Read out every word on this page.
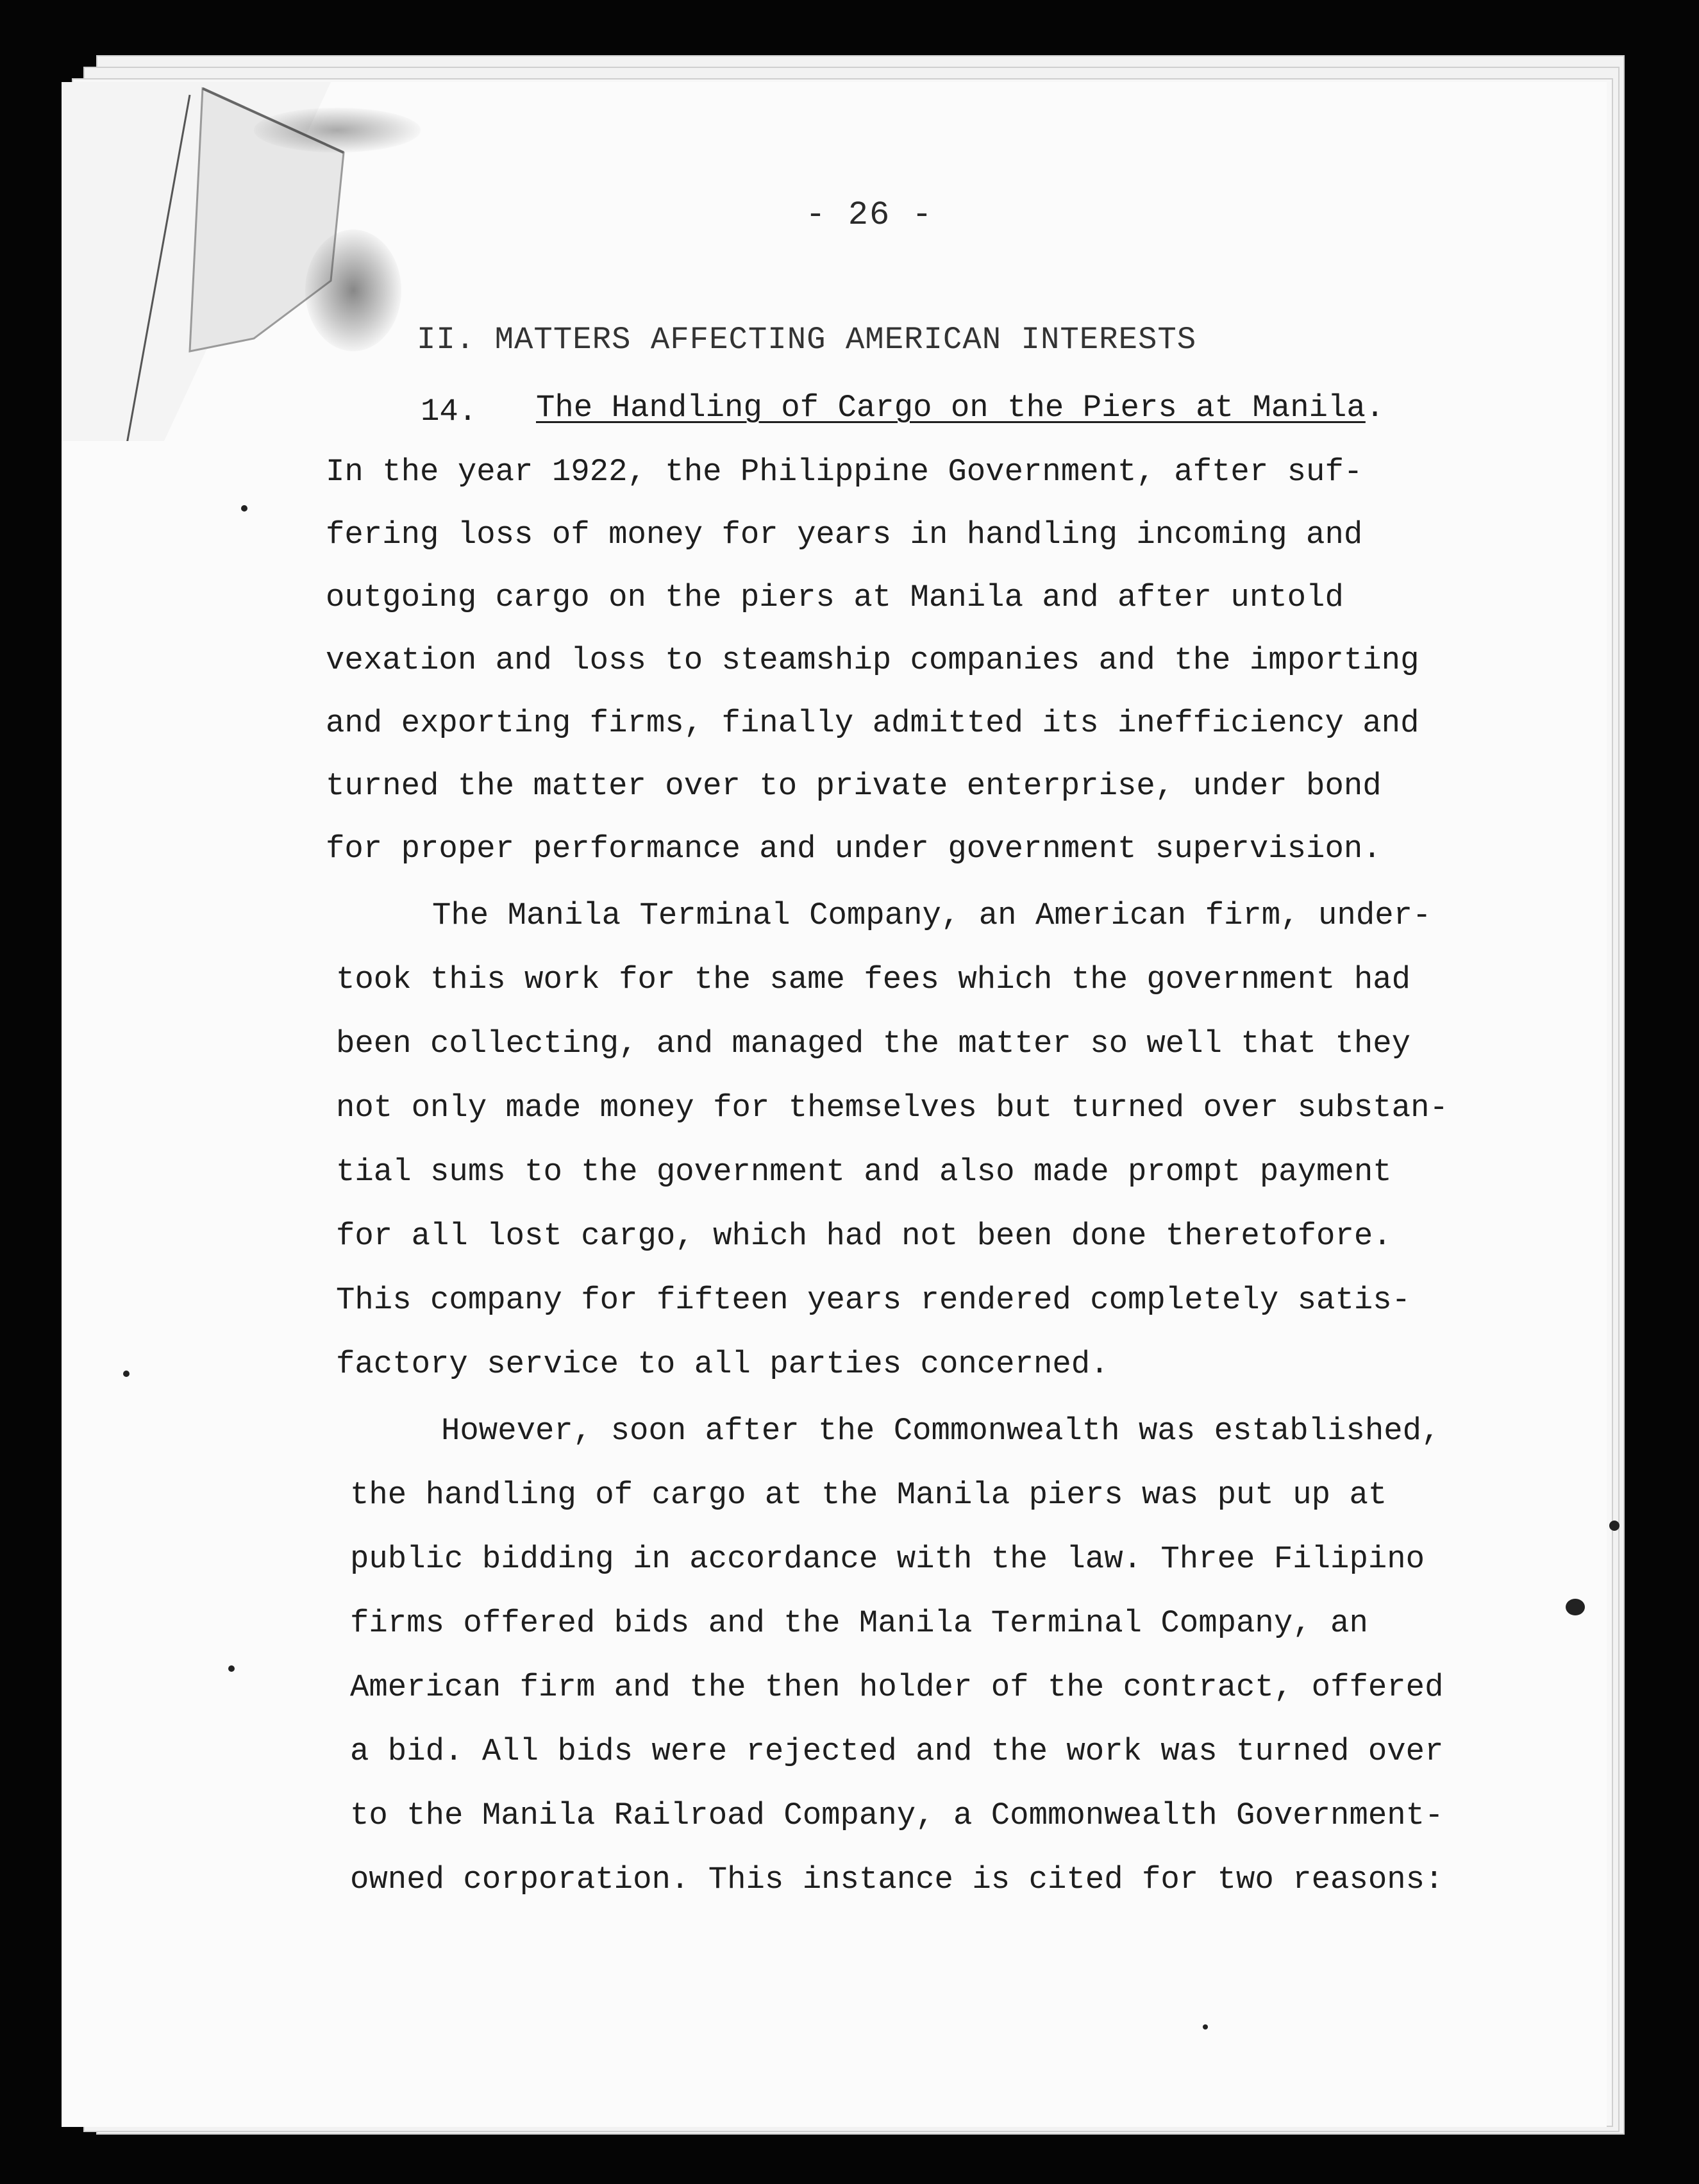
- 26 -
II. MATTERS AFFECTING AMERICAN INTERESTS
14. The Handling of Cargo on the Piers at Manila.
In the year 1922, the Philippine Government, after suf-
fering loss of money for years in handling incoming and
outgoing cargo on the piers at Manila and after untold
vexation and loss to steamship companies and the importing
and exporting firms, finally admitted its inefficiency and
turned the matter over to private enterprise, under bond
for proper performance and under government supervision.
The Manila Terminal Company, an American firm, under-
took this work for the same fees which the government had
been collecting, and managed the matter so well that they
not only made money for themselves but turned over substan-
tial sums to the government and also made prompt payment
for all lost cargo, which had not been done theretofore.
This company for fifteen years rendered completely satis-
factory service to all parties concerned.
However, soon after the Commonwealth was established,
the handling of cargo at the Manila piers was put up at
public bidding in accordance with the law. Three Filipino
firms offered bids and the Manila Terminal Company, an
American firm and the then holder of the contract, offered
a bid. All bids were rejected and the work was turned over
to the Manila Railroad Company, a Commonwealth Government-
owned corporation. This instance is cited for two reasons:
